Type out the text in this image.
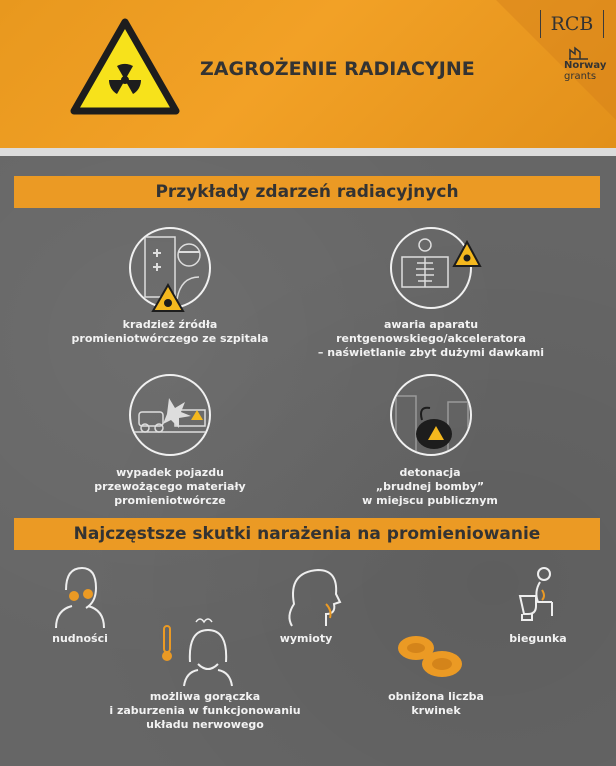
ZAGROŻENIE RADIACYJNE
RCB
Norway
grants
Przykłady zdarzeń radiacyjnych
kradzież źródła
promieniotwórczego ze szpitala
awaria aparatu
rentgenowskiego/akceleratora
– naświetlanie zbyt dużymi dawkami
wypadek pojazdu
przewożącego materiały
promieniotwórcze
detonacja
„brudnej bomby”
w miejscu publicznym
Najczęstsze skutki narażenia na promieniowanie
nudności
możliwa gorączka
i zaburzenia w funkcjonowaniu
układu nerwowego
wymioty
obniżona liczba
krwinek
biegunka
